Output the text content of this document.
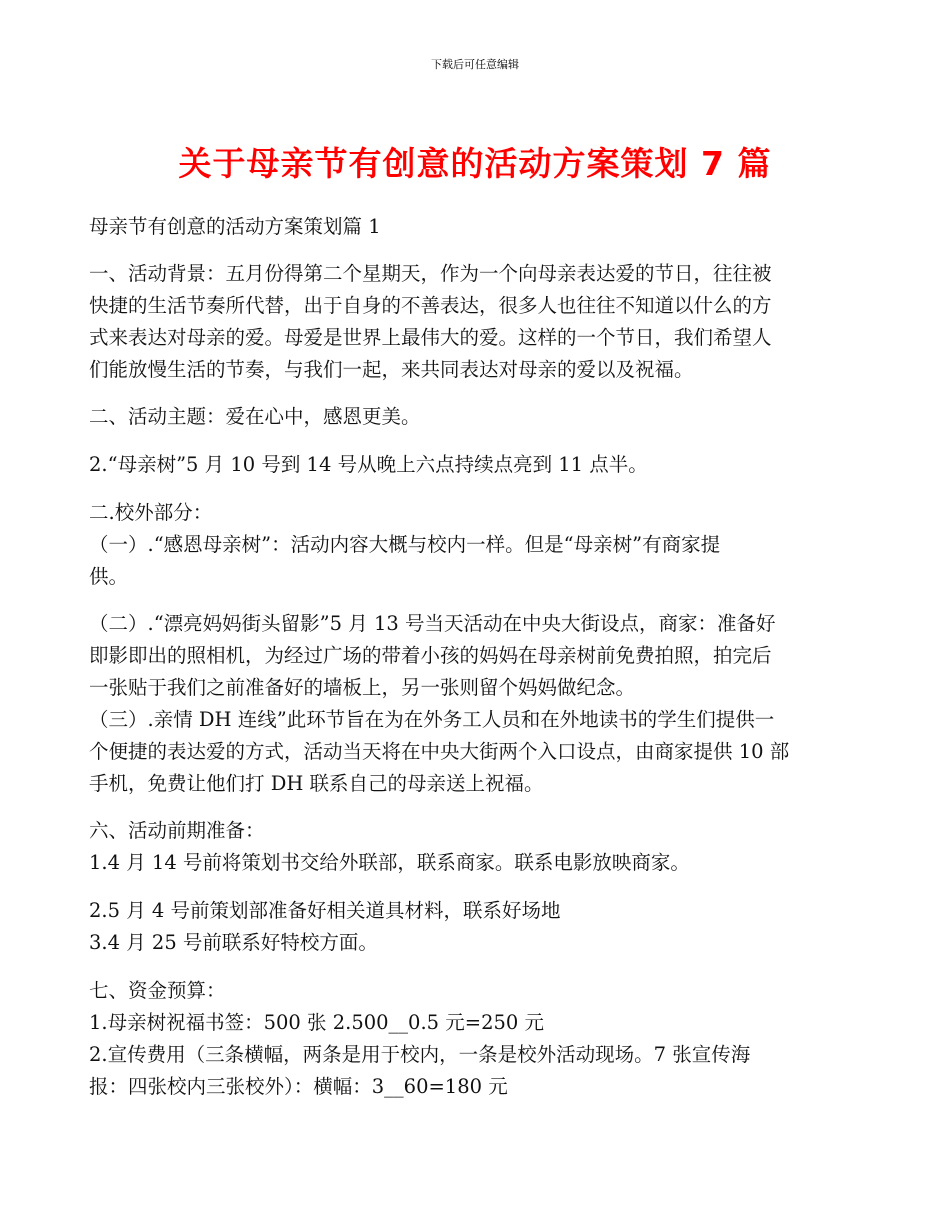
下载后可任意编辑
关于母亲节有创意的活动方案策划 7 篇
母亲节有创意的活动方案策划篇 1
一、活动背景：五月份得第二个星期天，作为一个向母亲表达爱的节日，往往被
快捷的生活节奏所代替，出于自身的不善表达，很多人也往往不知道以什么的方
式来表达对母亲的爱。母爱是世界上最伟大的爱。这样的一个节日，我们希望人
们能放慢生活的节奏，与我们一起，来共同表达对母亲的爱以及祝福。
二、活动主题：爱在心中，感恩更美。
2.“母亲树”5 月 10 号到 14 号从晚上六点持续点亮到 11 点半。
二.校外部分：
（一）.“感恩母亲树”：活动内容大概与校内一样。但是“母亲树”有商家提
供。
（二）.“漂亮妈妈街头留影”5 月 13 号当天活动在中央大街设点，商家：准备好
即影即出的照相机，为经过广场的带着小孩的妈妈在母亲树前免费拍照，拍完后
一张贴于我们之前准备好的墙板上，另一张则留个妈妈做纪念。
（三）.亲情 DH 连线”此环节旨在为在外务工人员和在外地读书的学生们提供一
个便捷的表达爱的方式，活动当天将在中央大街两个入口设点，由商家提供 10 部
手机，免费让他们打 DH 联系自己的母亲送上祝福。
六、活动前期准备：
1.4 月 14 号前将策划书交给外联部，联系商家。联系电影放映商家。
2.5 月 4 号前策划部准备好相关道具材料，联系好场地
3.4 月 25 号前联系好特校方面。
七、资金预算：
1.母亲树祝福书签：500 张 2.500__0.5 元=250 元
2.宣传费用（三条横幅，两条是用于校内，一条是校外活动现场。7 张宣传海
报：四张校内三张校外）：横幅：3__60=180 元
